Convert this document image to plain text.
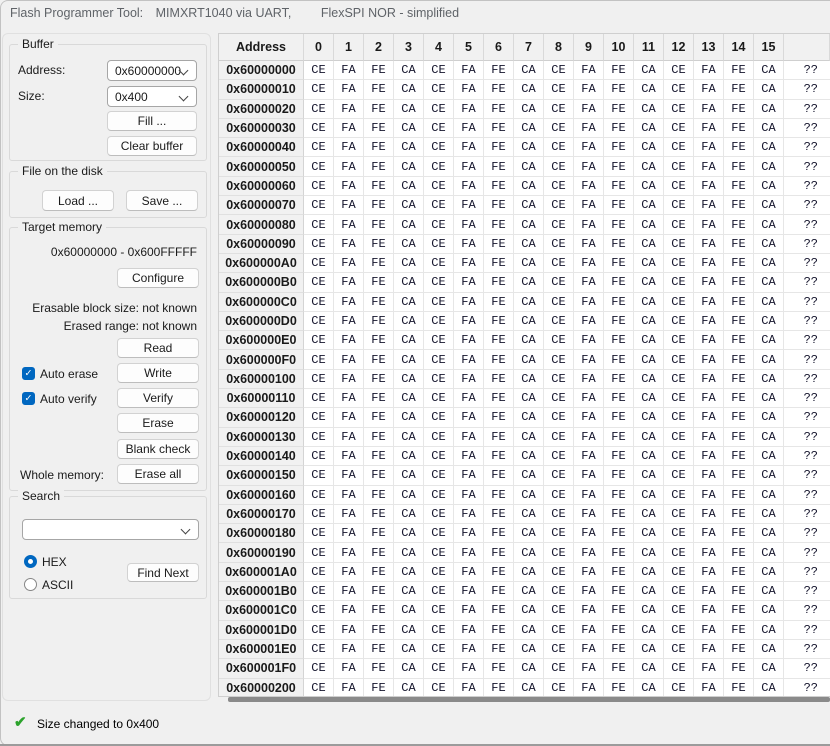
Flash Programmer Tool: MIMXRT1040 via UART, FlexSPI NOR - simplified
Buffer
Address:	0x60000000
Size:	0x400
Fill ...
Clear buffer
File on the disk
Load ...	Save ...
Target memory
0x60000000 - 0x600FFFFF
Configure
Erasable block size: not known
Erased range: not known
Read
✓ Auto erase	Write
✓ Auto verify	Verify
Erase
Blank check
Whole memory:	Erase all
Search
HEX
Find Next
ASCII
Address	0	1	2	3	4	5	6	7	8	9	10	11	12	13	14	15
0x60000000	CE	FA	FE	CA	CE	FA	FE	CA	CE	FA	FE	CA	CE	FA	FE	CA	??
0x60000010	CE	FA	FE	CA	CE	FA	FE	CA	CE	FA	FE	CA	CE	FA	FE	CA	??
0x60000020	CE	FA	FE	CA	CE	FA	FE	CA	CE	FA	FE	CA	CE	FA	FE	CA	??
0x60000030	CE	FA	FE	CA	CE	FA	FE	CA	CE	FA	FE	CA	CE	FA	FE	CA	??
0x60000040	CE	FA	FE	CA	CE	FA	FE	CA	CE	FA	FE	CA	CE	FA	FE	CA	??
0x60000050	CE	FA	FE	CA	CE	FA	FE	CA	CE	FA	FE	CA	CE	FA	FE	CA	??
0x60000060	CE	FA	FE	CA	CE	FA	FE	CA	CE	FA	FE	CA	CE	FA	FE	CA	??
0x60000070	CE	FA	FE	CA	CE	FA	FE	CA	CE	FA	FE	CA	CE	FA	FE	CA	??
0x60000080	CE	FA	FE	CA	CE	FA	FE	CA	CE	FA	FE	CA	CE	FA	FE	CA	??
0x60000090	CE	FA	FE	CA	CE	FA	FE	CA	CE	FA	FE	CA	CE	FA	FE	CA	??
0x600000A0	CE	FA	FE	CA	CE	FA	FE	CA	CE	FA	FE	CA	CE	FA	FE	CA	??
0x600000B0	CE	FA	FE	CA	CE	FA	FE	CA	CE	FA	FE	CA	CE	FA	FE	CA	??
0x600000C0	CE	FA	FE	CA	CE	FA	FE	CA	CE	FA	FE	CA	CE	FA	FE	CA	??
0x600000D0	CE	FA	FE	CA	CE	FA	FE	CA	CE	FA	FE	CA	CE	FA	FE	CA	??
0x600000E0	CE	FA	FE	CA	CE	FA	FE	CA	CE	FA	FE	CA	CE	FA	FE	CA	??
0x600000F0	CE	FA	FE	CA	CE	FA	FE	CA	CE	FA	FE	CA	CE	FA	FE	CA	??
0x60000100	CE	FA	FE	CA	CE	FA	FE	CA	CE	FA	FE	CA	CE	FA	FE	CA	??
0x60000110	CE	FA	FE	CA	CE	FA	FE	CA	CE	FA	FE	CA	CE	FA	FE	CA	??
0x60000120	CE	FA	FE	CA	CE	FA	FE	CA	CE	FA	FE	CA	CE	FA	FE	CA	??
0x60000130	CE	FA	FE	CA	CE	FA	FE	CA	CE	FA	FE	CA	CE	FA	FE	CA	??
0x60000140	CE	FA	FE	CA	CE	FA	FE	CA	CE	FA	FE	CA	CE	FA	FE	CA	??
0x60000150	CE	FA	FE	CA	CE	FA	FE	CA	CE	FA	FE	CA	CE	FA	FE	CA	??
0x60000160	CE	FA	FE	CA	CE	FA	FE	CA	CE	FA	FE	CA	CE	FA	FE	CA	??
0x60000170	CE	FA	FE	CA	CE	FA	FE	CA	CE	FA	FE	CA	CE	FA	FE	CA	??
0x60000180	CE	FA	FE	CA	CE	FA	FE	CA	CE	FA	FE	CA	CE	FA	FE	CA	??
0x60000190	CE	FA	FE	CA	CE	FA	FE	CA	CE	FA	FE	CA	CE	FA	FE	CA	??
0x600001A0	CE	FA	FE	CA	CE	FA	FE	CA	CE	FA	FE	CA	CE	FA	FE	CA	??
0x600001B0	CE	FA	FE	CA	CE	FA	FE	CA	CE	FA	FE	CA	CE	FA	FE	CA	??
0x600001C0	CE	FA	FE	CA	CE	FA	FE	CA	CE	FA	FE	CA	CE	FA	FE	CA	??
0x600001D0	CE	FA	FE	CA	CE	FA	FE	CA	CE	FA	FE	CA	CE	FA	FE	CA	??
0x600001E0	CE	FA	FE	CA	CE	FA	FE	CA	CE	FA	FE	CA	CE	FA	FE	CA	??
0x600001F0	CE	FA	FE	CA	CE	FA	FE	CA	CE	FA	FE	CA	CE	FA	FE	CA	??
0x60000200	CE	FA	FE	CA	CE	FA	FE	CA	CE	FA	FE	CA	CE	FA	FE	CA	??
✔ Size changed to 0x400
